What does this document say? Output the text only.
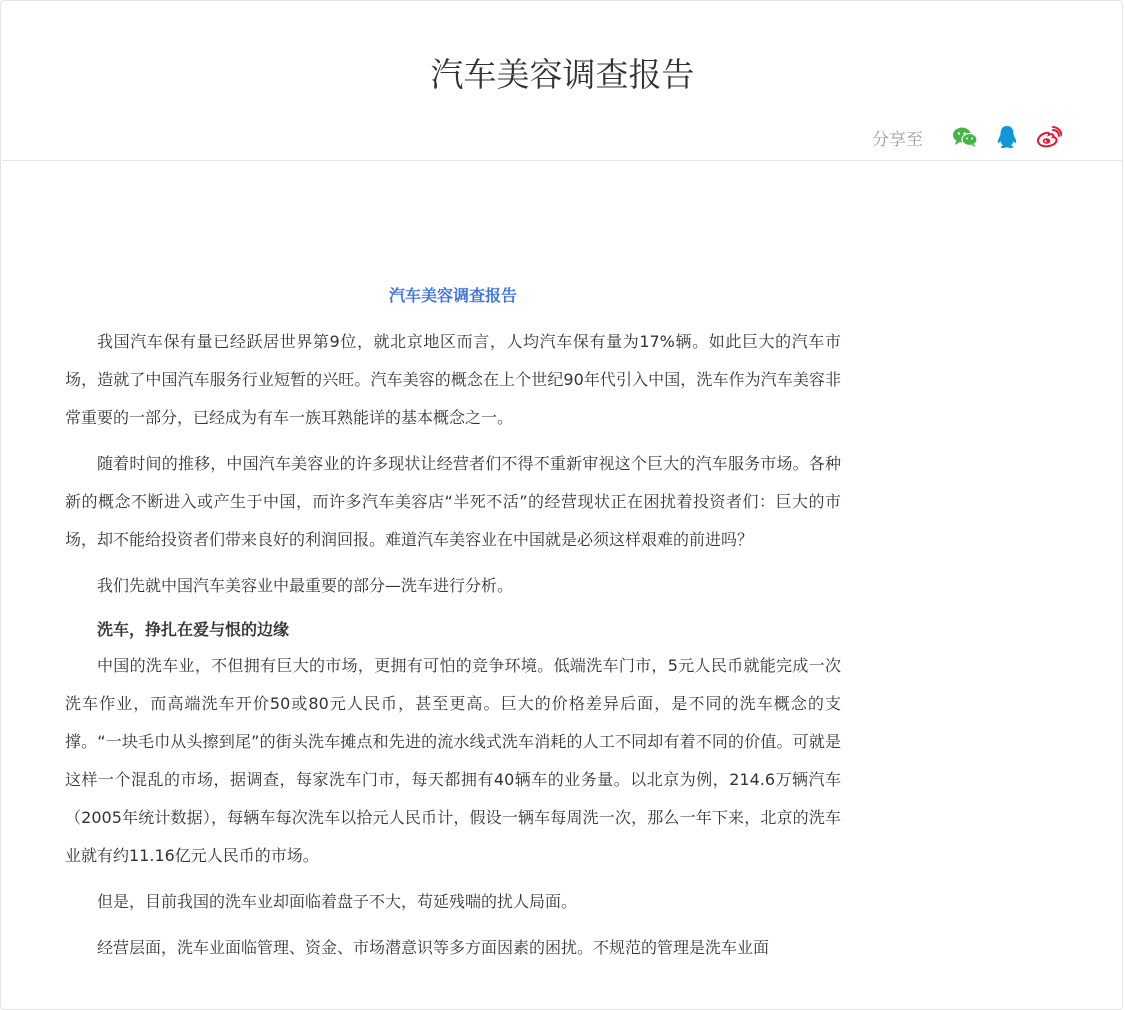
汽车美容调查报告
分享至

汽车美容调查报告

我国汽车保有量已经跃居世界第9位，就北京地区而言，人均汽车保有量为17%辆。如此巨大的汽车市场，造就了中国汽车服务行业短暂的兴旺。汽车美容的概念在上个世纪90年代引入中国，洗车作为汽车美容非常重要的一部分，已经成为有车一族耳熟能详的基本概念之一。

随着时间的推移，中国汽车美容业的许多现状让经营者们不得不重新审视这个巨大的汽车服务市场。各种新的概念不断进入或产生于中国，而许多汽车美容店“半死不活”的经营现状正在困扰着投资者们：巨大的市场，却不能给投资者们带来良好的利润回报。难道汽车美容业在中国就是必须这样艰难的前进吗？

我们先就中国汽车美容业中最重要的部分—洗车进行分析。

洗车，挣扎在爱与恨的边缘

中国的洗车业，不但拥有巨大的市场，更拥有可怕的竞争环境。低端洗车门市，5元人民币就能完成一次洗车作业，而高端洗车开价50或80元人民币，甚至更高。巨大的价格差异后面，是不同的洗车概念的支撑。“一块毛巾从头擦到尾”的街头洗车摊点和先进的流水线式洗车消耗的人工不同却有着不同的价值。可就是这样一个混乱的市场，据调查，每家洗车门市，每天都拥有40辆车的业务量。以北京为例，214.6万辆汽车（2005年统计数据），每辆车每次洗车以拾元人民币计，假设一辆车每周洗一次，那么一年下来，北京的洗车业就有约11.16亿元人民币的市场。

但是，目前我国的洗车业却面临着盘子不大，苟延残喘的扰人局面。

经营层面，洗车业面临管理、资金、市场潜意识等多方面因素的困扰。不规范的管理是洗车业面
